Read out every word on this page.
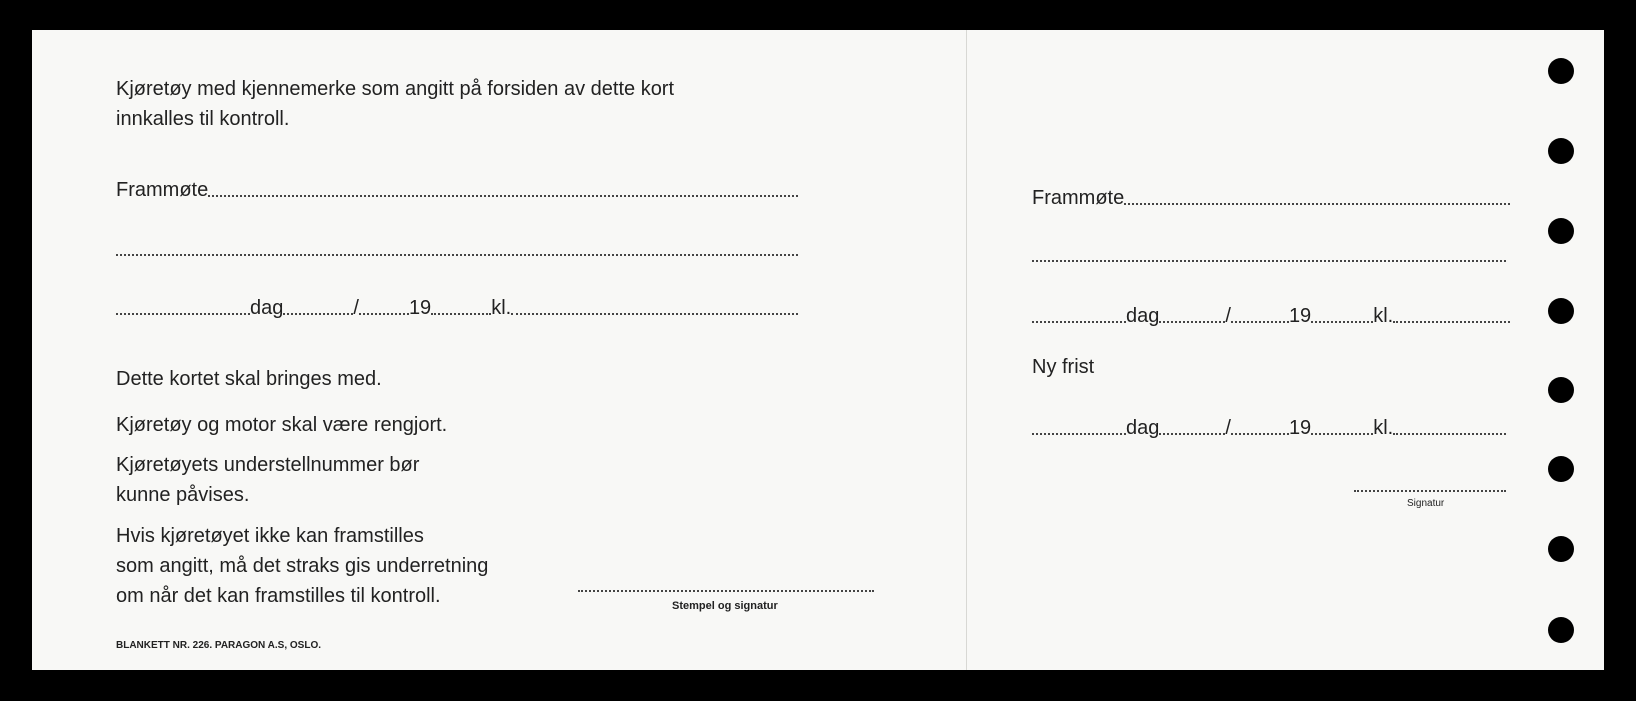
Kjøretøy med kjennemerke som angitt på forsiden av dette kort

innkalles til kontroll.

Frammøte
dag	/	19	kl.

Dette kortet skal bringes med.

Kjøretøy og motor skal være rengjort.

Kjøretøyets understellnummer bør

kunne påvises.

Hvis kjøretøyet ikke kan framstilles

som angitt, må det straks gis underretning

om når det kan framstilles til kontroll.	Stempel og signatur
BLANKETT NR. 226. PARAGON A.S, OSLO.
Frammøte
dag	/	19	kl.

Ny frist

dag	/	19	kl.
Signatur
